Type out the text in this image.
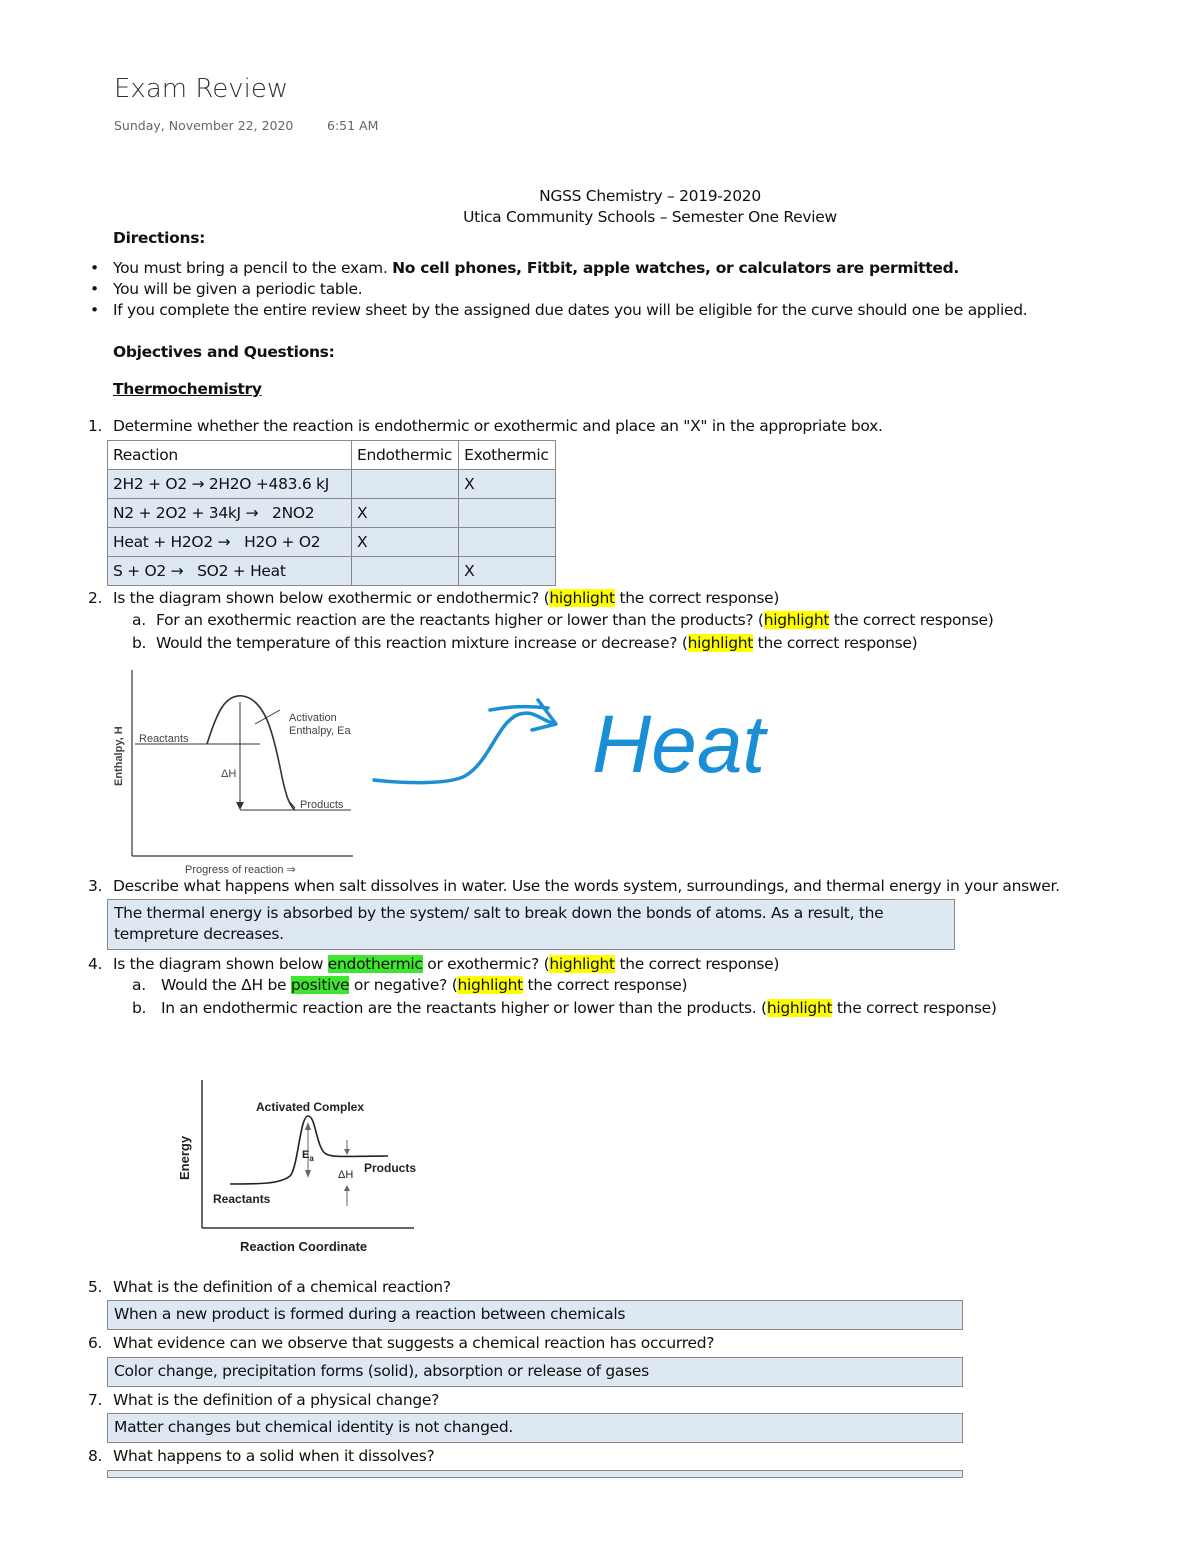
Exam Review
Sunday, November 22, 2020	6:51 AM
NGSS Chemistry – 2019-2020
Utica Community Schools – Semester One Review
Directions:
• You must bring a pencil to the exam. No cell phones, Fitbit, apple watches, or calculators are permitted.
• You will be given a periodic table.
• If you complete the entire review sheet by the assigned due dates you will be eligible for the curve should one be applied.
Objectives and Questions:
Thermochemistry
1. Determine whether the reaction is endothermic or exothermic and place an "X" in the appropriate box.
Reaction	Endothermic	Exothermic
2H2 + O2 → 2H2O +483.6 kJ		X
N2 + 2O2 + 34kJ →   2NO2	X	
Heat + H2O2 →   H2O + O2	X	
S + O2 →   SO2 + Heat		X
2. Is the diagram shown below exothermic or endothermic? (highlight the correct response)
a. For an exothermic reaction are the reactants higher or lower than the products? (highlight the correct response)
b. Would the temperature of this reaction mixture increase or decrease? (highlight the correct response)
Enthalpy, H Reactants
Activation
Enthalpy, Ea
ΔH
Products
Progress of reaction ⇒
Heat
3. Describe what happens when salt dissolves in water. Use the words system, surroundings, and thermal energy in your answer.
The thermal energy is absorbed by the system/ salt to break down the bonds of atoms. As a result, the
tempreture decreases.
4. Is the diagram shown below endothermic or exothermic? (highlight the correct response)
a. Would the ΔH be positive or negative? (highlight the correct response)
b. In an endothermic reaction are the reactants higher or lower than the products. (highlight the correct response)
Energy
Activated Complex
$E_a$
ΔH Products
Reactants
Reaction Coordinate
5. What is the definition of a chemical reaction?
When a new product is formed during a reaction between chemicals
6. What evidence can we observe that suggests a chemical reaction has occurred?
Color change, precipitation forms (solid), absorption or release of gases
7. What is the definition of a physical change?
Matter changes but chemical identity is not changed.
8. What happens to a solid when it dissolves?
